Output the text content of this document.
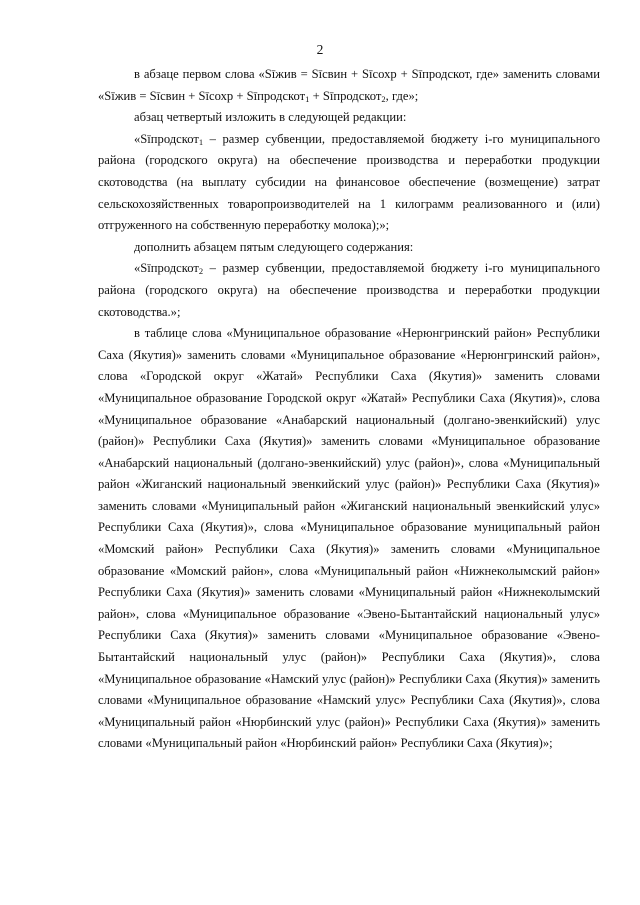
2

в абзаце первом слова «Sīжив = Sīсвин + Sīсохр + Sīпродскот, где» заменить словами «Sīжив = Sīсвин + Sīсохр + Sīпродскот$_1$ + Sīпродскот$_2$, где»;

абзац четвертый изложить в следующей редакции:

«Sīпродскот$_1$ – размер субвенции, предоставляемой бюджету i-го муниципального района (городского округа) на обеспечение производства и переработки продукции скотоводства (на выплату субсидии на финансовое обеспечение (возмещение) затрат сельскохозяйственных товаропроизводителей на 1 килограмм реализованного и (или) отгруженного на собственную переработку молока);»;

дополнить абзацем пятым следующего содержания:

«Sīпродскот$_2$ – размер субвенции, предоставляемой бюджету i-го муниципального района (городского округа) на обеспечение производства и переработки продукции скотоводства.»;

в таблице слова «Муниципальное образование «Нерюнгринский район» Республики Саха (Якутия)» заменить словами «Муниципальное образование «Нерюнгринский район», слова «Городской округ «Жатай» Республики Саха (Якутия)» заменить словами «Муниципальное образование Городской округ «Жатай» Республики Саха (Якутия)», слова «Муниципальное образование «Анабарский национальный (долгано-эвенкийский) улус (район)» Республики Саха (Якутия)» заменить словами «Муниципальное образование «Анабарский национальный (долгано-эвенкийский) улус (район)», слова «Муниципальный район «Жиганский национальный эвенкийский улус (район)» Республики Саха (Якутия)» заменить словами «Муниципальный район «Жиганский национальный эвенкийский улус» Республики Саха (Якутия)», слова «Муниципальное образование муниципальный район «Момский район» Республики Саха (Якутия)» заменить словами «Муниципальное образование «Момский район», слова «Муниципальный район «Нижнеколымский район» Республики Саха (Якутия)» заменить словами «Муниципальный район «Нижнеколымский район», слова «Муниципальное образование «Эвено-Бытантайский национальный улус» Республики Саха (Якутия)» заменить словами «Муниципальное образование «Эвено-Бытантайский национальный улус (район)» Республики Саха (Якутия)», слова «Муниципальное образование «Намский улус (район)» Республики Саха (Якутия)» заменить словами «Муниципальное образование «Намский улус» Республики Саха (Якутия)», слова «Муниципальный район «Нюрбинский улус (район)» Республики Саха (Якутия)» заменить словами «Муниципальный район «Нюрбинский район» Республики Саха (Якутия)»;
